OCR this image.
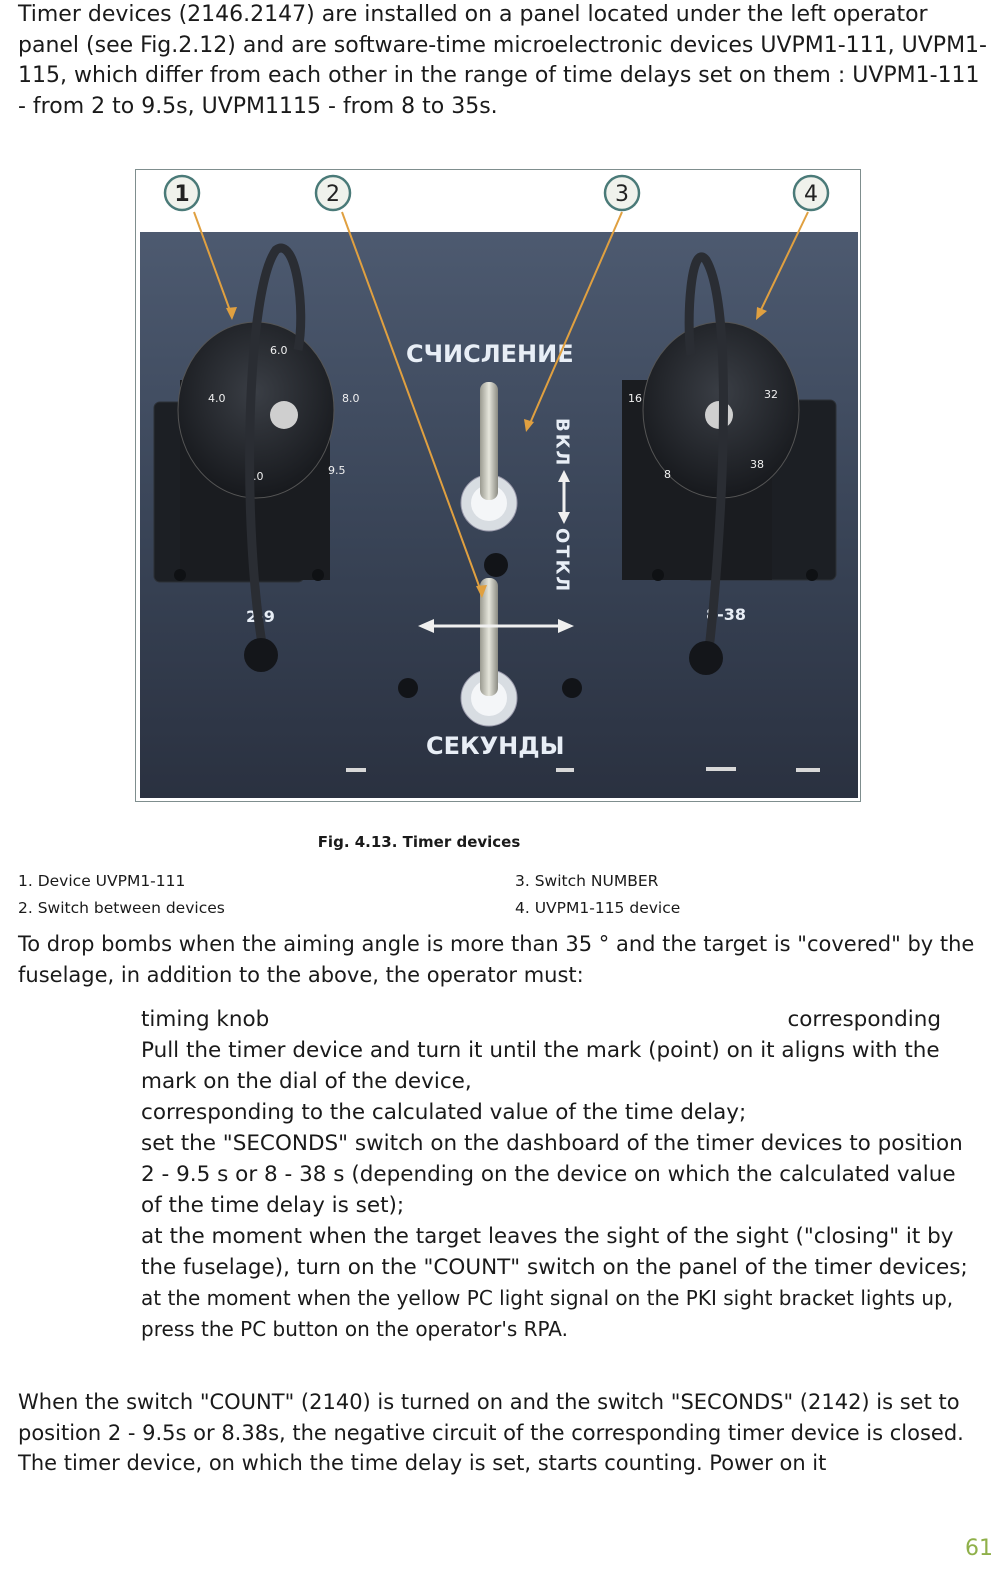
Timer devices (2146.2147) are installed on a panel located under the left operator panel (see Fig.2.12) and are software-time microelectronic devices UVPM1-111, UVPM1-115, which differ from each other in the range of time delays set on them : UVPM1-111 - from 2 to 9.5s, UVPM1115 - from 8 to 35s.

6.0
4.0	8.0
2.0	9.5
2-9
16	32
8
38
8-38
СЧИСЛЕНИЕ
СЕКУНДЫ
ВКЛ
ОТКЛ
1	2	3	4
Fig. 4.13. Timer devices
1. Device UVPM1-111
2. Switch between devices
3. Switch NUMBER
4. UVPM1-115 device

To drop bombs when the aiming angle is more than 35 ° and the target is "covered" by the fuselage, in addition to the above, the operator must:

timing knob	corresponding
Pull the timer device and turn it until the mark (point) on it aligns with the mark on the dial of the device,
corresponding to the calculated value of the time delay;
set the "SECONDS" switch on the dashboard of the timer devices to position 2 - 9.5 s or 8 - 38 s (depending on the device on which the calculated value of the time delay is set);
at the moment when the target leaves the sight of the sight ("closing" it by the fuselage), turn on the "COUNT" switch on the panel of the timer devices;
at the moment when the yellow PC light signal on the PKI sight bracket lights up, press the PC button on the operator's RPA.

When the switch "COUNT" (2140) is turned on and the switch "SECONDS" (2142) is set to position 2 - 9.5s or 8.38s, the negative circuit of the corresponding timer device is closed. The timer device, on which the time delay is set, starts counting. Power on it

61
